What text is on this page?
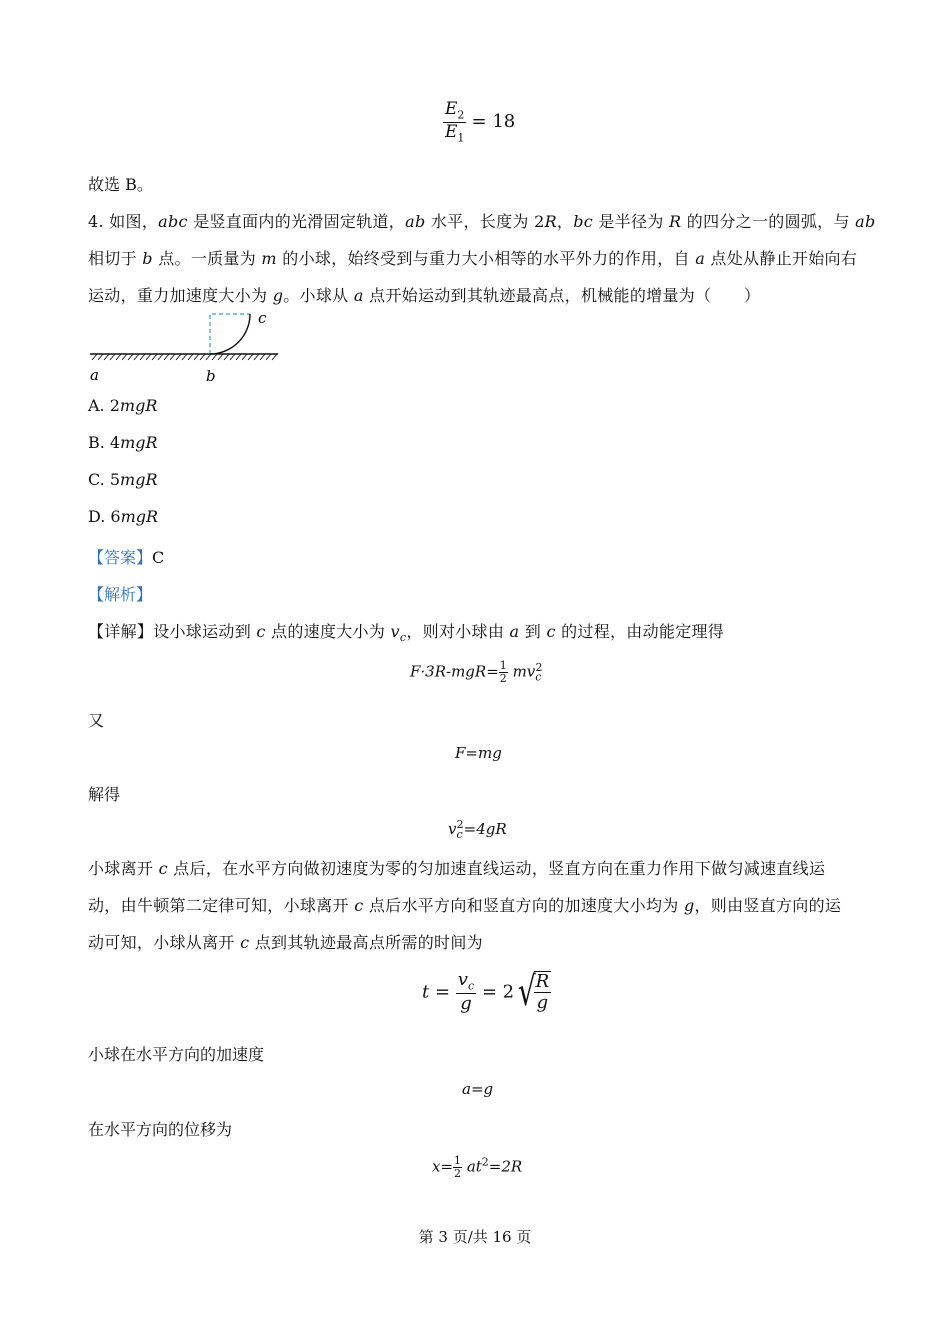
$\frac{E_2}{E_1} = 18$
故选 B。
4. 如图，abc 是竖直面内的光滑固定轨道，ab 水平，长度为 2R，bc 是半径为 R 的四分之一的圆弧，与 ab
相切于 b 点。一质量为 m 的小球，始终受到与重力大小相等的水平外力的作用，自 a 点处从静止开始向右
运动，重力加速度大小为 g。小球从 a 点开始运动到其轨迹最高点，机械能的增量为（　　）
a	b
c
A. 2mgR
B. 4mgR
C. 5mgR
D. 6mgR
【答案】C
【解析】
【详解】设小球运动到 c 点的速度大小为 $v_c$，则对小球由 a 到 c 的过程，由动能定理得
$F\cdot 3R-mgR= \frac{1}{2} mv_c^2$
又
F=mg
解得
$v_c^2=4gR$
小球离开 c 点后，在水平方向做初速度为零的匀加速直线运动，竖直方向在重力作用下做匀减速直线运
动，由牛顿第二定律可知，小球离开 c 点后水平方向和竖直方向的加速度大小均为 g，则由竖直方向的运
动可知，小球从离开 c 点到其轨迹最高点所需的时间为
$t = \frac{v_c}{g} = 2√$
$\frac{R}{g}$
小球在水平方向的加速度
a=g
在水平方向的位移为
$x= \frac{1}{2} at^2=2R$
第 3 页/共 16 页
